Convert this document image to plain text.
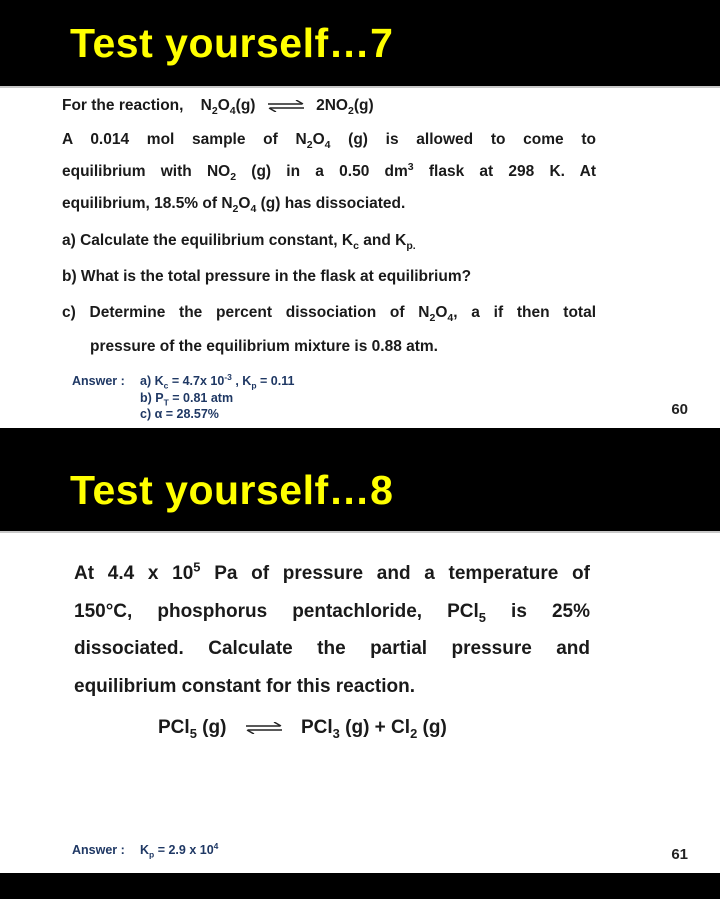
Test yourself…7
For the reaction, $N_2O_4(g)$ ⇌ $2NO_2(g)$
A 0.014 mol sample of $N_2O_4$ (g) is allowed to come to
equilibrium with $NO_2$ (g) in a 0.50 $dm^3$ flask at 298 K. At
equilibrium, 18.5% of $N_2O_4$ (g) has dissociated.
a) Calculate the equilibrium constant, $K_c$ and $K_{p.}$
b) What is the total pressure in the flask at equilibrium?
c) Determine the percent dissociation of $N_2O_4$, a if then total
pressure of the equilibrium mixture is 0.88 atm.
Answer : a) $K_c = 4.7x$ $10^{-3}$ , $K_p = 0.11$
b) $P_T = 0.81$ atm
c) α = 28.57%	60
Test yourself…8
At 4.4 x $10^5$ Pa of pressure and a temperature of
150°C, phosphorus pentachloride, PCl$_5$ is 25%
dissociated. Calculate the partial pressure and
equilibrium constant for this reaction.
PCl$_5$ (g) ⇌ PCl$_3$ $(g) + Cl_2$ (g)
Answer : $K_p = 2.9$ x $10^4$
61
